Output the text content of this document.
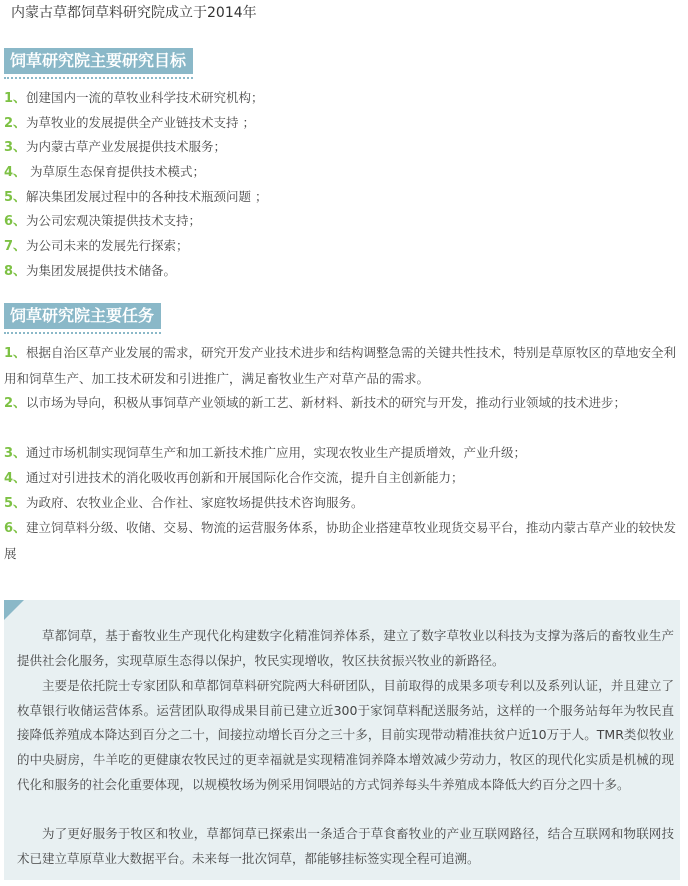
内蒙古草都饲草料研究院成立于2014年
饲草研究院主要研究目标
1、创建国内一流的草牧业科学技术研究机构；
2、为草牧业的发展提供全产业链技术支持 ；
3、为内蒙古草产业发展提供技术服务；
4、 为草原生态保育提供技术模式；
5、解决集团发展过程中的各种技术瓶颈问题 ；
6、为公司宏观决策提供技术支持；
7、为公司未来的发展先行探索；
8、为集团发展提供技术储备。
饲草研究院主要任务
1、根据自治区草产业发展的需求，研究开发产业技术进步和结构调整急需的关键共性技术，特别是草原牧区的草地安全利用和饲草生产、加工技术研发和引进推广，满足畜牧业生产对草产品的需求。
2、以市场为导向，积极从事饲草产业领域的新工艺、新材料、新技术的研究与开发，推动行业领域的技术进步；
3、通过市场机制实现饲草生产和加工新技术推广应用，实现农牧业生产提质增效，产业升级；
4、通过对引进技术的消化吸收再创新和开展国际化合作交流，提升自主创新能力；
5、为政府、农牧业企业、合作社、家庭牧场提供技术咨询服务。
6、建立饲草料分级、收储、交易、物流的运营服务体系，协助企业搭建草牧业现货交易平台，推动内蒙古草产业的较快发展

草都饲草，基于畜牧业生产现代化构建数字化精准饲养体系，建立了数字草牧业以科技为支撑为落后的畜牧业生产提供社会化服务，实现草原生态得以保护，牧民实现增收，牧区扶贫振兴牧业的新路径。

主要是依托院士专家团队和草都饲草料研究院两大科研团队，目前取得的成果多项专利以及系列认证，并且建立了枚草银行收储运营体系。运营团队取得成果目前已建立近300于家饲草料配送服务站，这样的一个服务站每年为牧民直接降低养殖成本降达到百分之二十，间接拉动增长百分之三十多，目前实现带动精准扶贫户近10万于人。TMR类似牧业的中央厨房，牛羊吃的更健康农牧民过的更幸福就是实现精准饲养降本增效减少劳动力，牧区的现代化实质是机械的现代化和服务的社会化重要体现，以规模牧场为例采用饲喂站的方式饲养每头牛养殖成本降低大约百分之四十多。

为了更好服务于牧区和牧业，草都饲草已探索出一条适合于草食畜牧业的产业互联网路径，结合互联网和物联网技术已建立草原草业大数据平台。未来每一批次饲草，都能够挂标签实现全程可追溯。
